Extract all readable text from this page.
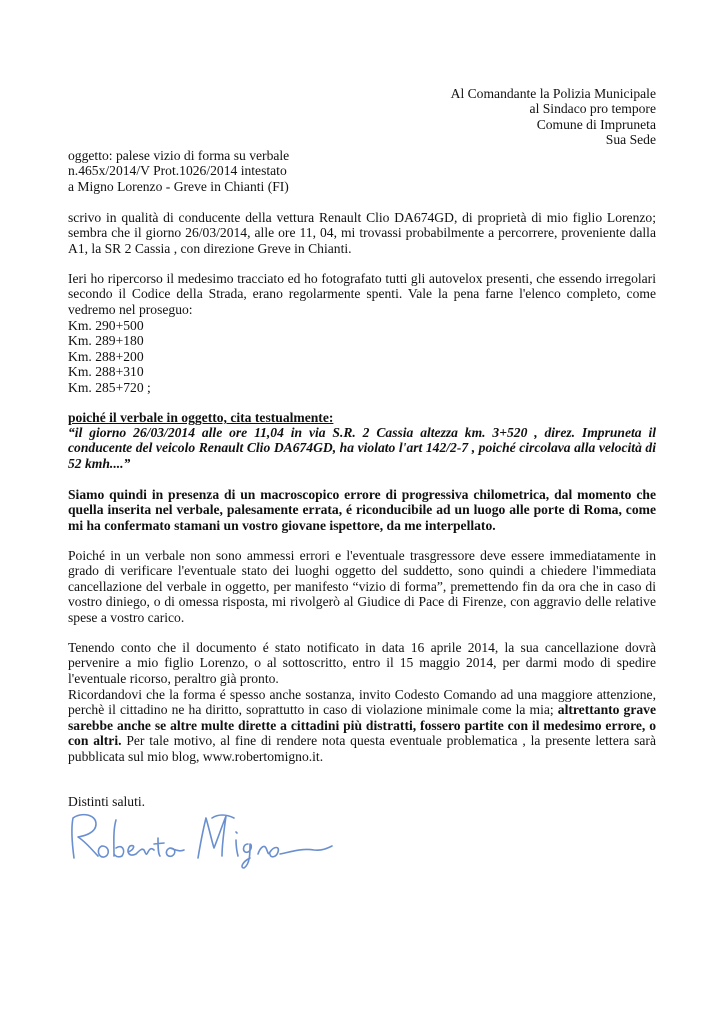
Al Comandante la Polizia Municipale
al Sindaco pro tempore
Comune di Impruneta
Sua Sede
oggetto: palese vizio di forma su verbale
n.465x/2014/V Prot.1026/2014 intestato
a Migno Lorenzo - Greve in Chianti (FI)
scrivo in qualità di conducente della vettura Renault Clio DA674GD, di proprietà di mio figlio Lorenzo; sembra che il giorno 26/03/2014, alle ore 11, 04, mi trovassi probabilmente a percorrere, proveniente dalla A1, la SR 2 Cassia , con direzione Greve in Chianti.
Ieri ho ripercorso il medesimo tracciato ed ho fotografato tutti gli autovelox presenti, che essendo irregolari secondo il Codice della Strada, erano regolarmente spenti. Vale la pena farne l'elenco completo, come vedremo nel proseguo:
Km. 290+500
Km. 289+180
Km. 288+200
Km. 288+310
Km. 285+720 ;
poiché il verbale in oggetto, cita testualmente:
“il giorno 26/03/2014 alle ore 11,04 in via S.R. 2 Cassia altezza km. 3+520 , direz. Impruneta il conducente del veicolo Renault Clio DA674GD, ha violato l'art 142/2-7 , poiché circolava alla velocità di 52 kmh....”
Siamo quindi in presenza di un macroscopico errore di progressiva chilometrica, dal momento che quella inserita nel verbale, palesamente errata, é riconducibile ad un luogo alle porte di Roma, come mi ha confermato stamani un vostro giovane ispettore, da me interpellato.
Poiché in un verbale non sono ammessi errori e l'eventuale trasgressore deve essere immediatamente in grado di verificare l'eventuale stato dei luoghi oggetto del suddetto, sono quindi a chiedere l'immediata cancellazione del verbale in oggetto, per manifesto “vizio di forma”, premettendo fin da ora che in caso di vostro diniego, o di omessa risposta, mi rivolgerò al Giudice di Pace di Firenze, con aggravio delle relative spese a vostro carico.
Tenendo conto che il documento é stato notificato in data 16 aprile 2014, la sua cancellazione dovrà pervenire a mio figlio Lorenzo, o al sottoscritto, entro il 15 maggio 2014, per darmi modo di spedire l'eventuale ricorso, peraltro già pronto.
Ricordandovi che la forma é spesso anche sostanza, invito Codesto Comando ad una maggiore attenzione, perchè il cittadino ne ha diritto, soprattutto in caso di violazione minimale come la mia; altrettanto grave sarebbe anche se altre multe dirette a cittadini più distratti, fossero partite con il medesimo errore, o con altri. Per tale motivo, al fine di rendere nota questa eventuale problematica , la presente lettera sarà pubblicata sul mio blog, www.robertomigno.it.
Distinti saluti.
